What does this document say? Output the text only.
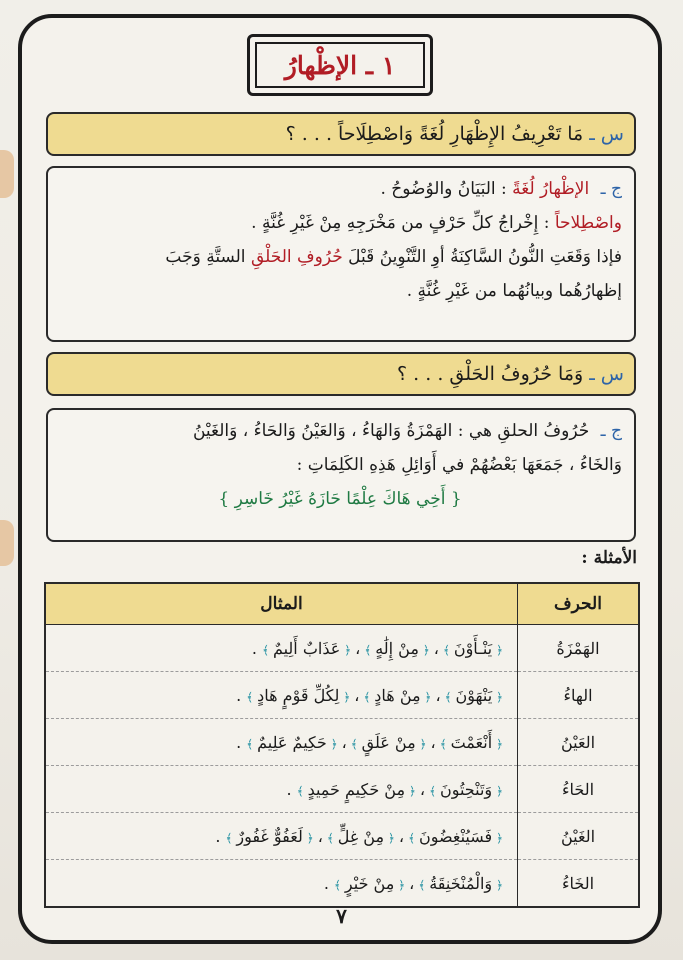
١ ـ الإظْهارُ
س ـ
مَا تَعْرِيفُ الإِظْهَارِ لُغَةً وَاصْطِلَاحاً . . . ؟
ج ـ الإظْهارُ لُغَةً : البَيَانُ والوُضُوحُ .
واصْطِلاحاً : إِخْراجُ كلِّ حَرْفٍ من مَخْرَجِهِ مِنْ غَيْرِ غُنَّةٍ .
فإذا وَقَعَتِ النُّونُ السَّاكِنَةُ أوِ التَّنْوِينُ قَبْلَ حُرُوفِ الحَلْقِ الستَّةِ وَجَبَ
إظهارُهُما وبيانُهُما من غَيْرِ غُنَّةٍ .
س ـ
وَمَا حُرُوفُ الحَلْقِ . . . ؟
ج ـ حُرُوفُ الحلقِ هي : الهَمْزَةُ وَالهَاءُ ، وَالعَيْنُ وَالحَاءُ ، وَالغَيْنُ
وَالخَاءُ ، جَمَعَهَا بَعْضُهُمْ في أَوَائِلِ هَذِهِ الكَلِمَاتِ :
{ أَخِي هَاكَ عِلْمًا حَازَهُ غَيْرُ خَاسِرِ }
الأمثلة :
الحرف	المثال
الهَمْزَةُ	﴿ يَنْـأَوْنَ ﴾،﴿ مِنْ إِلَٰهٍ ﴾،﴿ عَذَابٌ أَلِيمٌ ﴾ .
الهاءُ	﴿ يَنْهَوْنَ ﴾،﴿ مِنْ هَادٍ ﴾،﴿ لِكُلِّ قَوْمٍ هَادٍ ﴾ .
العَيْنُ	﴿ أَنْعَمْتَ ﴾،﴿ مِنْ عَلَقٍ ﴾،﴿ حَكِيمٌ عَلِيمٌ ﴾ .
الحَاءُ	﴿ وَتَنْحِتُونَ ﴾،﴿ مِنْ حَكِيمٍ حَمِيدٍ ﴾ .
الغَيْنُ	﴿ فَسَيُنْغِضُونَ ﴾،﴿ مِنْ غِلٍّ ﴾،﴿ لَعَفُوٌّ غَفُورٌ ﴾ .
الخَاءُ	﴿ وَالْمُنْخَنِقَةُ ﴾،﴿ مِنْ خَيْرٍ ﴾ .
٧
